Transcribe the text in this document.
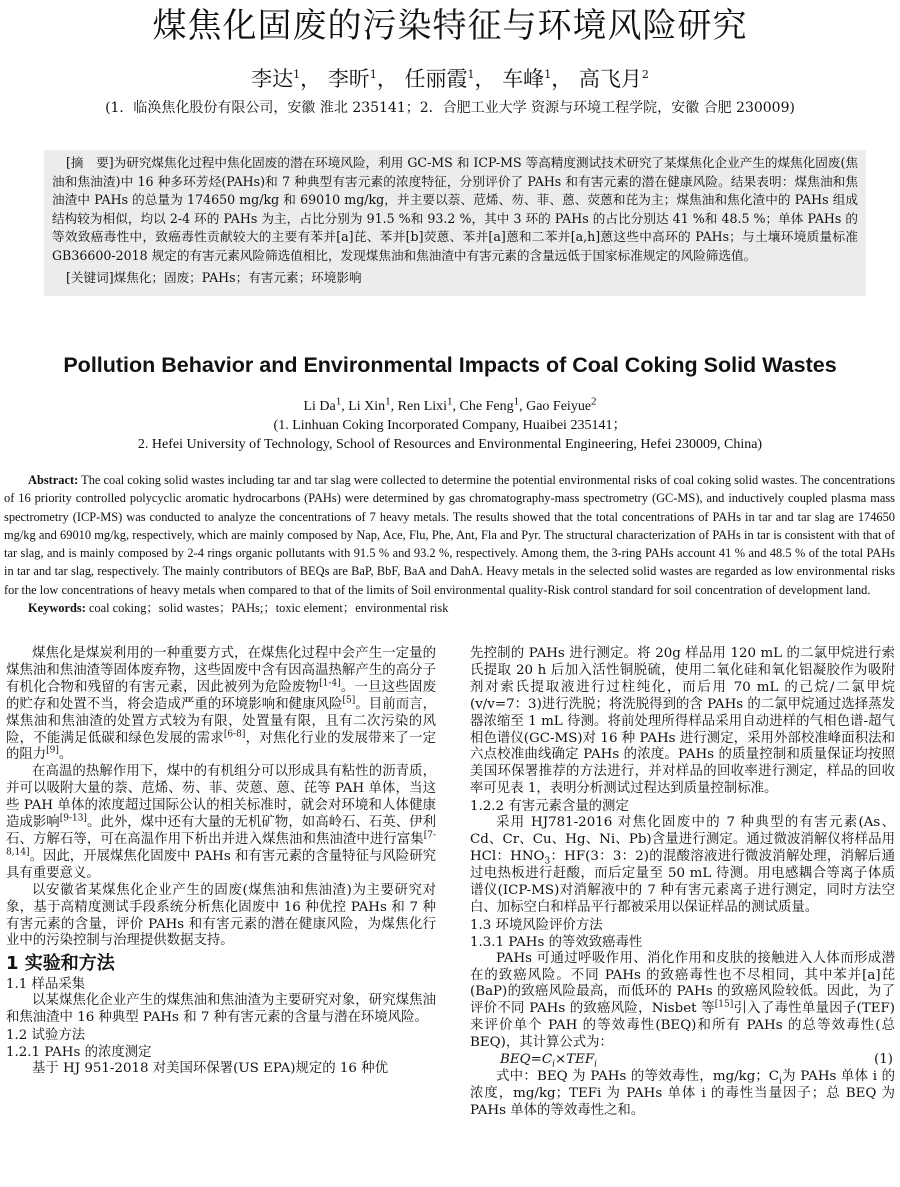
煤焦化固废的污染特征与环境风险研究
李达$^1$， 李昕$^1$， 任丽霞$^1$， 车峰$^1$， 高飞月$^2$
(1．临涣焦化股份有限公司，安徽 淮北 235141；2．合肥工业大学 资源与环境工程学院，安徽 合肥 230009)

[摘　要]为研究煤焦化过程中焦化固废的潜在环境风险，利用 GC-MS 和 ICP-MS 等高精度测试技术研究了某煤焦化企业产生的煤焦化固废(焦油和焦油渣)中 16 种多环芳烃(PAHs)和 7 种典型有害元素的浓度特征，分别评价了 PAHs 和有害元素的潜在健康风险。结果表明：煤焦油和焦油渣中 PAHs 的总量为 174650 mg/kg 和 69010 mg/kg，并主要以萘、苊烯、芴、菲、蒽、荧蒽和芘为主；煤焦油和焦化渣中的 PAHs 组成结构较为相似，均以 2-4 环的 PAHs 为主，占比分别为 91.5 %和 93.2 %，其中 3 环的 PAHs 的占比分别达 41 %和 48.5 %；单体 PAHs 的等效致癌毒性中，致癌毒性贡献较大的主要有苯并[a]芘、苯并[b]荧蒽、苯并[a]蒽和二苯并[a,h]蒽这些中高环的 PAHs；与土壤环境质量标准 GB36600-2018 规定的有害元素风险筛选值相比，发现煤焦油和焦油渣中有害元素的含量远低于国家标准规定的风险筛选值。

[关键词]煤焦化；固废；PAHs；有害元素；环境影响

Pollution Behavior and Environmental Impacts of Coal Coking Solid Wastes
Li Da$^1$, Li Xin$^1$, Ren Lixi$^1$, Che Feng$^1$, Gao Feiyue$^2$
(1. Linhuan Coking Incorporated Company, Huaibei 235141；
2. Hefei University of Technology, School of Resources and Environmental Engineering, Hefei 230009, China)

Abstract: The coal coking solid wastes including tar and tar slag were collected to determine the potential environmental risks of coal coking solid wastes. The concentrations of 16 priority controlled polycyclic aromatic hydrocarbons (PAHs) were determined by gas chromatography-mass spectrometry (GC-MS), and inductively coupled plasma mass spectrometry (ICP-MS) was conducted to analyze the concentrations of 7 heavy metals. The results showed that the total concentrations of PAHs in tar and tar slag are 174650 mg/kg and 69010 mg/kg, respectively, which are mainly composed by Nap, Ace, Flu, Phe, Ant, Fla and Pyr. The structural characterization of PAHs in tar is consistent with that of tar slag, and is mainly composed by 2-4 rings organic pollutants with 91.5 % and 93.2 %, respectively. Among them, the 3-ring PAHs account 41 % and 48.5 % of the total PAHs in tar and tar slag, respectively. The mainly contributors of BEQs are BaP, BbF, BaA and DahA. Heavy metals in the selected solid wastes are regarded as low environmental risks for the low concentrations of heavy metals when compared to that of the limits of Soil environmental quality-Risk control standard for soil concentration of development land.

Keywords: coal coking；solid wastes；PAHs;；toxic element；environmental risk

煤焦化是煤炭利用的一种重要方式，在煤焦化过程中会产生一定量的煤焦油和焦油渣等固体废弃物，这些固废中含有因高温热解产生的高分子有机化合物和残留的有害元素，因此被列为危险废物[1-4]。一旦这些固废的贮存和处置不当，将会造成严重的环境影响和健康风险[5]。目前而言，煤焦油和焦油渣的处置方式较为有限，处置量有限，且有二次污染的风险，不能满足低碳和绿色发展的需求[6-8]，对焦化行业的发展带来了一定的阻力[9]。

在高温的热解作用下，煤中的有机组分可以形成具有粘性的沥青质，并可以吸附大量的萘、苊烯、芴、菲、荧蒽、蒽、芘等 PAH 单体，当这些 PAH 单体的浓度超过国际公认的相关标准时，就会对环境和人体健康造成影响[9-13]。此外，煤中还有大量的无机矿物，如高岭石、石英、伊利石、方解石等，可在高温作用下析出并进入煤焦油和焦油渣中进行富集[7-8,14]。因此，开展煤焦化固废中 PAHs 和有害元素的含量特征与风险研究具有重要意义。

以安徽省某煤焦化企业产生的固废(煤焦油和焦油渣)为主要研究对象，基于高精度测试手段系统分析焦化固废中 16 种优控 PAHs 和 7 种有害元素的含量，评价 PAHs 和有害元素的潜在健康风险，为煤焦化行业中的污染控制与治理提供数据支持。

1 实验和方法
1.1 样品采集

以某煤焦化企业产生的煤焦油和焦油渣为主要研究对象，研究煤焦油和焦油渣中 16 种典型 PAHs 和 7 种有害元素的含量与潜在环境风险。

1.2 试验方法
1.2.1 PAHs 的浓度测定

基于 HJ 951-2018 对美国环保署(US EPA)规定的 16 种优

先控制的 PAHs 进行测定。将 20g 样品用 120 mL 的二氯甲烷进行索氏提取 20 h 后加入活性铜脱硫，使用二氧化硅和氧化铝凝胶作为吸附剂对索氏提取液进行过柱纯化，而后用 70 mL 的己烷/二氯甲烷(v/v=7：3)进行洗脱；将洗脱得到的含 PAHs 的二氯甲烷通过选择蒸发器浓缩至 1 mL 待测。将前处理所得样品采用自动进样的气相色谱-超气相色谱仪(GC-MS)对 16 种 PAHs 进行测定，采用外部校准峰面积法和六点校准曲线确定 PAHs 的浓度。PAHs 的质量控制和质量保证均按照美国环保署推荐的方法进行，并对样品的回收率进行测定，样品的回收率可见表 1，表明分析测试过程达到质量控制标准。

1.2.2 有害元素含量的测定

采用 HJ781-2016 对焦化固废中的 7 种典型的有害元素(As、Cd、Cr、Cu、Hg、Ni、Pb)含量进行测定。通过微波消解仪将样品用 HCl：$HNO_3$：HF(3：3：2)的混酸溶液进行微波消解处理，消解后通过电热板进行赶酸，而后定量至 50 mL 待测。用电感耦合等离子体质谱仪(ICP-MS)对消解液中的 7 种有害元素离子进行测定，同时方法空白、加标空白和样品平行都被采用以保证样品的测试质量。

1.3 环境风险评价方法
1.3.1 PAHs 的等效致癌毒性

PAHs 可通过呼吸作用、消化作用和皮肤的接触进入人体而形成潜在的致癌风险。不同 PAHs 的致癌毒性也不尽相同，其中苯并[a]芘(BaP)的致癌风险最高，而低环的 PAHs 的致癌风险较低。因此，为了评价不同 PAHs 的致癌风险，Nisbet 等[15]引入了毒性单量因子(TEF)来评价单个 PAH 的等效毒性(BEQ)和所有 PAHs 的总等效毒性(总 BEQ)，其计算公式为：

$BEQ=C_i\times TEF_i$	(1)

式中：BEQ 为 PAHs 的等效毒性，mg/kg；$C_i$为 PAHs 单体 i 的浓度，mg/kg；TEFi 为 PAHs 单体 i 的毒性当量因子；总 BEQ 为 PAHs 单体的等效毒性之和。
